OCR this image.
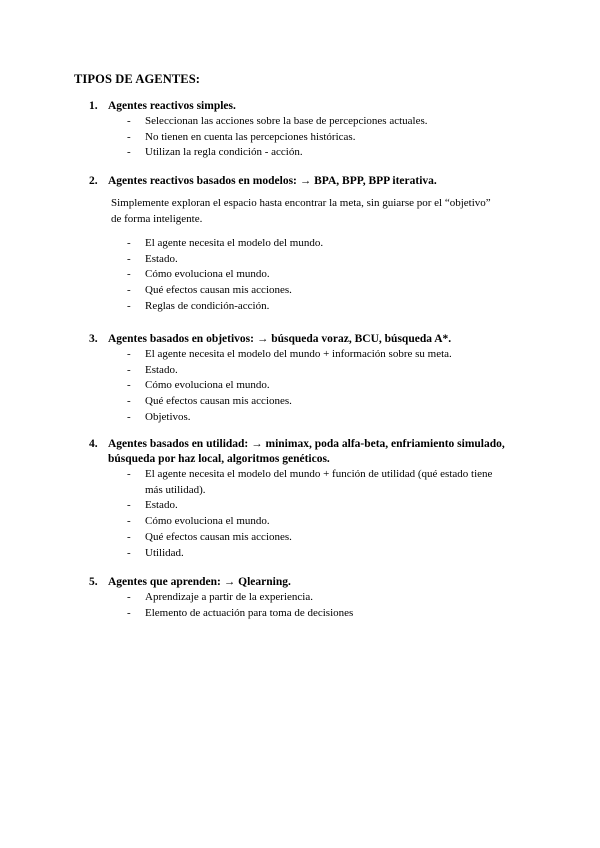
TIPOS DE AGENTES:
1. Agentes reactivos simples.
-	Seleccionan las acciones sobre la base de percepciones actuales.
-	No tienen en cuenta las percepciones históricas.
-	Utilizan la regla condición - acción.
2. Agentes reactivos basados en modelos: → BPA, BPP, BPP iterativa.
Simplemente exploran el espacio hasta encontrar la meta, sin guiarse por el “objetivo” de forma inteligente.
-	El agente necesita el modelo del mundo.
-	Estado.
-	Cómo evoluciona el mundo.
-	Qué efectos causan mis acciones.
-	Reglas de condición-acción.
3. Agentes basados en objetivos: → búsqueda voraz, BCU, búsqueda A*.
-	El agente necesita el modelo del mundo + información sobre su meta.
-	Estado.
-	Cómo evoluciona el mundo.
-	Qué efectos causan mis acciones.
-	Objetivos.
4. Agentes basados en utilidad: → minimax, poda alfa-beta, enfriamiento simulado, búsqueda por haz local, algoritmos genéticos.
-	El agente necesita el modelo del mundo + función de utilidad (qué estado tiene más utilidad).
-	Estado.
-	Cómo evoluciona el mundo.
-	Qué efectos causan mis acciones.
-	Utilidad.
5. Agentes que aprenden: → Qlearning.
-	Aprendizaje a partir de la experiencia.
-	Elemento de actuación para toma de decisiones
